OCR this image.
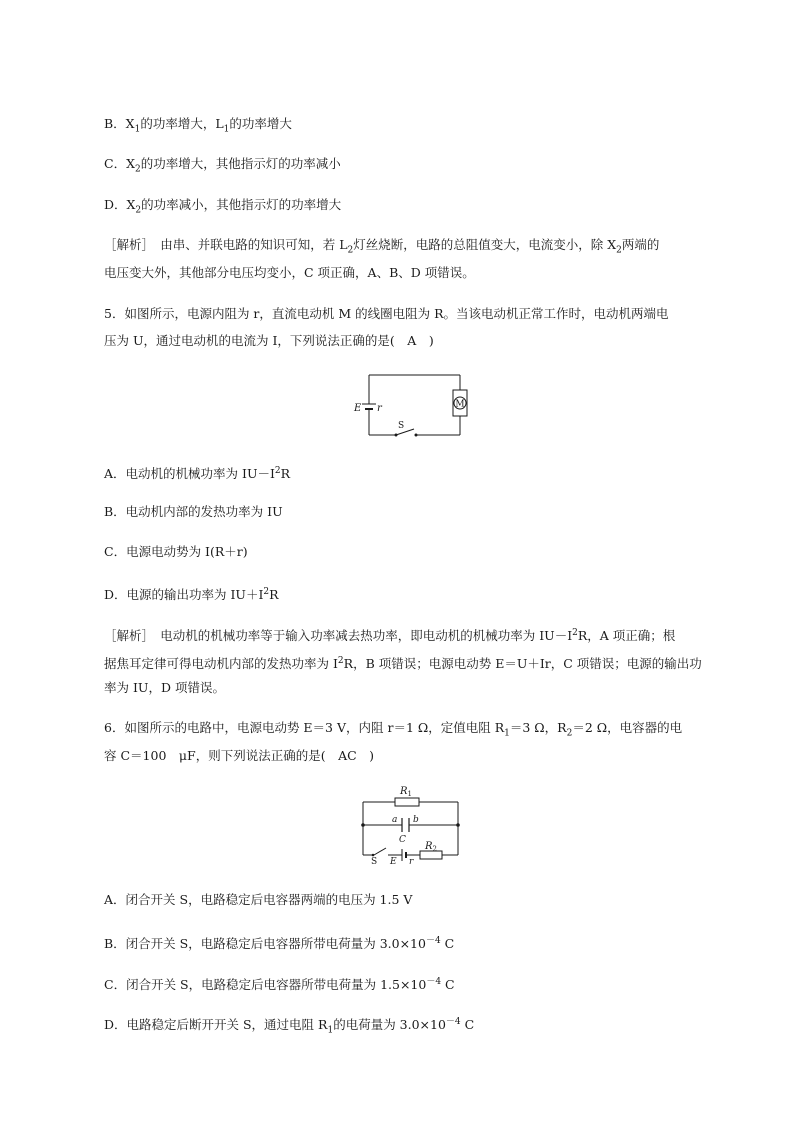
B．$X_1$的功率增大，$L_1$的功率增大
C．$X_2$的功率增大，其他指示灯的功率减小
D．$X_2$的功率减小，其他指示灯的功率增大
［解析］　由串、并联电路的知识可知，若 $L_2$灯丝烧断，电路的总阻值变大，电流变小，除 $X_2$两端的
电压变大外，其他部分电压均变小，C 项正确，A、B、D 项错误。
5．如图所示，电源内阻为 r，直流电动机 M 的线圈电阻为 R。当该电动机正常工作时，电动机两端电
压为 U，通过电动机的电流为 I，下列说法正确的是(　A　)
M
E r
S
A．电动机的机械功率为 $IU-I^2R$
B．电动机内部的发热功率为 IU
C．电源电动势为 I(R＋r)
D．电源的输出功率为 $IU+I^2R$
［解析］　电动机的机械功率等于输入功率减去热功率，即电动机的机械功率为 $IU-I^2R$，A 项正确；根
据焦耳定律可得电动机内部的发热功率为 $I^2R$，B 项错误；电源电动势 E＝U＋Ir，C 项错误；电源的输出功
率为 IU，D 项错误。
6．如图所示的电路中，电源电动势 E＝3 V，内阻 r＝1 Ω，定值电阻 $R_1=3$ Ω，$R_2=2$ Ω，电容器的电
容 C＝100　μF，则下列说法正确的是(　AC　)
$R_1$
a b
C
S E r
$R_2$
A．闭合开关 S，电路稳定后电容器两端的电压为 1.5 V
B．闭合开关 S，电路稳定后电容器所带电荷量为 $3.0\times 10^{-4}$ C
C．闭合开关 S，电路稳定后电容器所带电荷量为 $1.5\times 10^{-4}$ C
D．电路稳定后断开开关 S，通过电阻 $R_1$的电荷量为 $3.0\times 10^{-4}$ C
